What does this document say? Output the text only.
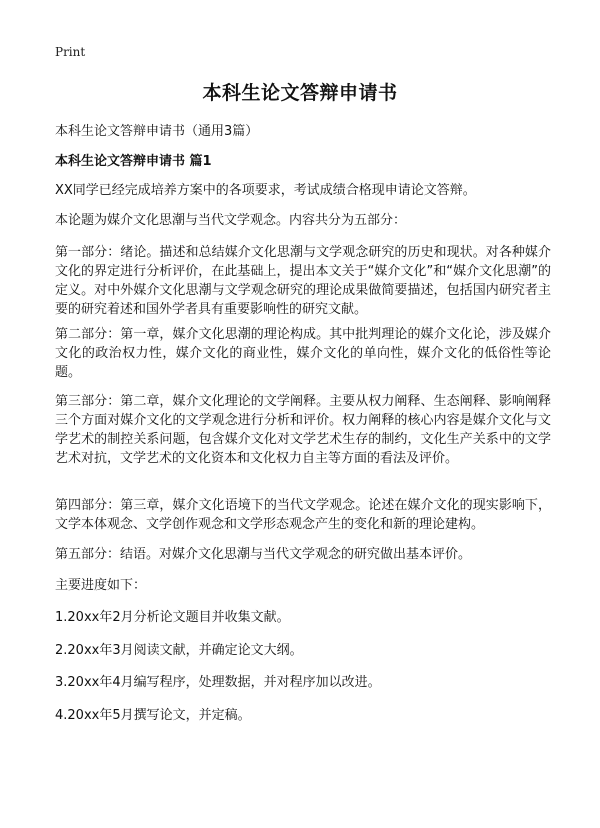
Print
本科生论文答辩申请书

本科生论文答辩申请书（通用3篇）

本科生论文答辩申请书 篇1

XX同学已经完成培养方案中的各项要求，考试成绩合格现申请论文答辩。

本论题为媒介文化思潮与当代文学观念。内容共分为五部分：

第一部分：绪论。描述和总结媒介文化思潮与文学观念研究的历史和现状。对各种媒介文化的界定进行分析评价，在此基础上，提出本文关于“媒介文化”和“媒介文化思潮”的定义。对中外媒介文化思潮与文学观念研究的理论成果做简要描述，包括国内研究者主要的研究着述和国外学者具有重要影响性的研究文献。

第二部分：第一章，媒介文化思潮的理论构成。其中批判理论的媒介文化论，涉及媒介文化的政治权力性，媒介文化的商业性，媒介文化的单向性，媒介文化的低俗性等论题。

第三部分：第二章，媒介文化理论的文学阐释。主要从权力阐释、生态阐释、影响阐释三个方面对媒介文化的文学观念进行分析和评价。权力阐释的核心内容是媒介文化与文学艺术的制控关系问题，包含媒介文化对文学艺术生存的制约，文化生产关系中的文学艺术对抗，文学艺术的文化资本和文化权力自主等方面的看法及评价。

第四部分：第三章，媒介文化语境下的当代文学观念。论述在媒介文化的现实影响下，文学本体观念、文学创作观念和文学形态观念产生的变化和新的理论建构。

第五部分：结语。对媒介文化思潮与当代文学观念的研究做出基本评价。

主要进度如下：

1.20xx年2月分析论文题目并收集文献。

2.20xx年3月阅读文献，并确定论文大纲。

3.20xx年4月编写程序，处理数据，并对程序加以改进。

4.20xx年5月撰写论文，并定稿。
